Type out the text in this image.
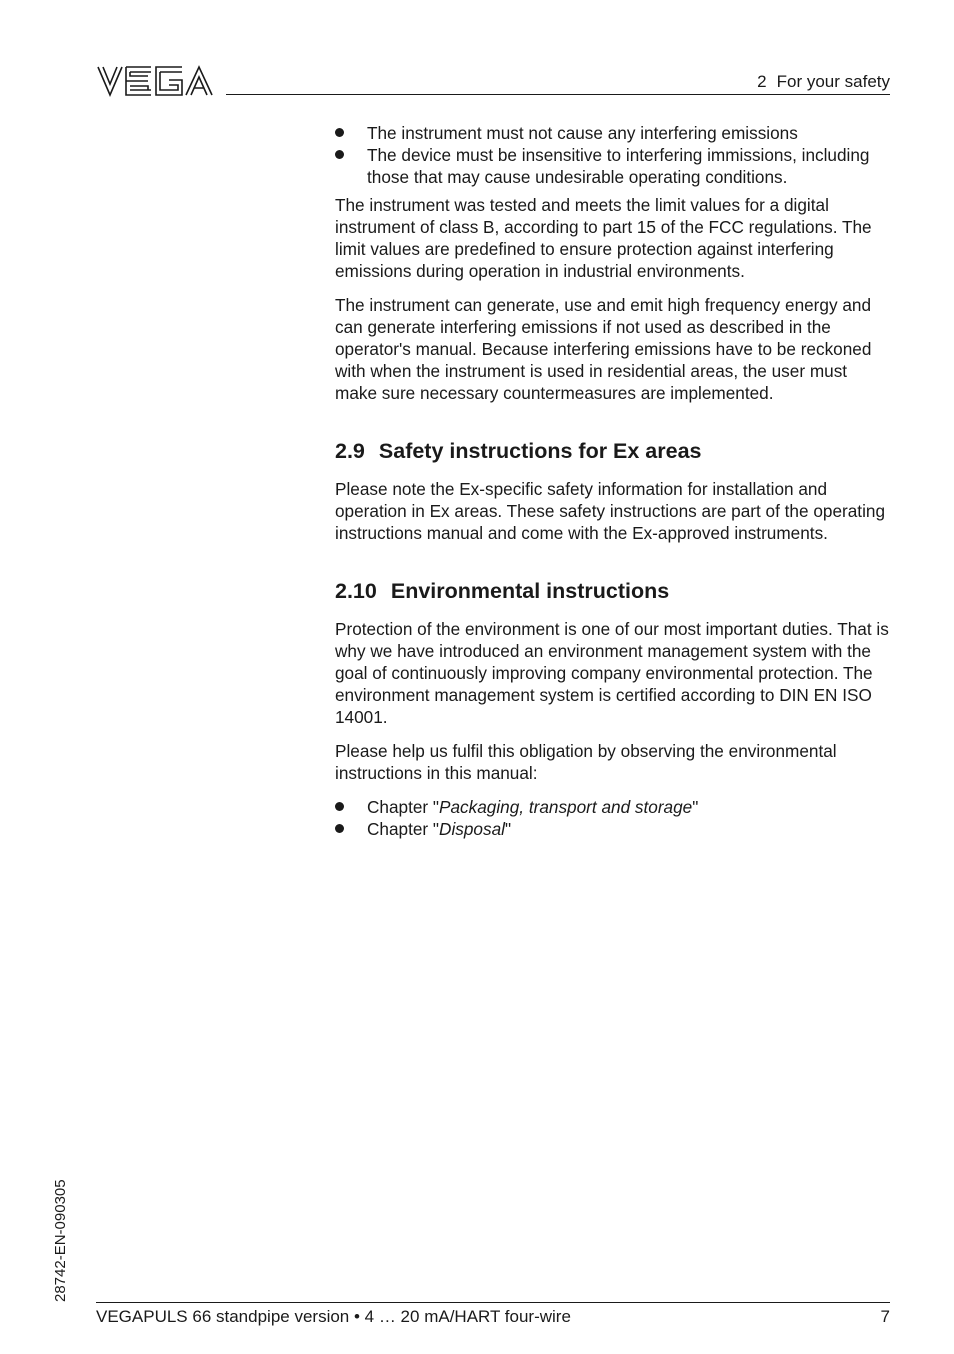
2 For your safety
The instrument must not cause any interfering emissions
The device must be insensitive to interfering immissions, including those that may cause undesirable operating conditions.

The instrument was tested and meets the limit values for a digital instrument of class B, according to part 15 of the FCC regulations. The limit values are predefined to ensure protection against interfering emissions during operation in industrial environments.

The instrument can generate, use and emit high frequency energy and can generate interfering emissions if not used as described in the operator's manual. Because interfering emissions have to be reckoned with when the instrument is used in residential areas, the user must make sure necessary countermeasures are implemented.

2.9 Safety instructions for Ex areas

Please note the Ex-specific safety information for installation and operation in Ex areas. These safety instructions are part of the operating instructions manual and come with the Ex-approved instruments.

2.10 Environmental instructions

Protection of the environment is one of our most important duties. That is why we have introduced an environment management system with the goal of continuously improving company environmental protection. The environment management system is certified according to DIN EN ISO 14001.

Please help us fulfil this obligation by observing the environmental instructions in this manual:

Chapter "Packaging, transport and storage"
Chapter "Disposal"
28742-EN-090305
VEGAPULS 66 standpipe version • 4 … 20 mA/HART four-wire	7
